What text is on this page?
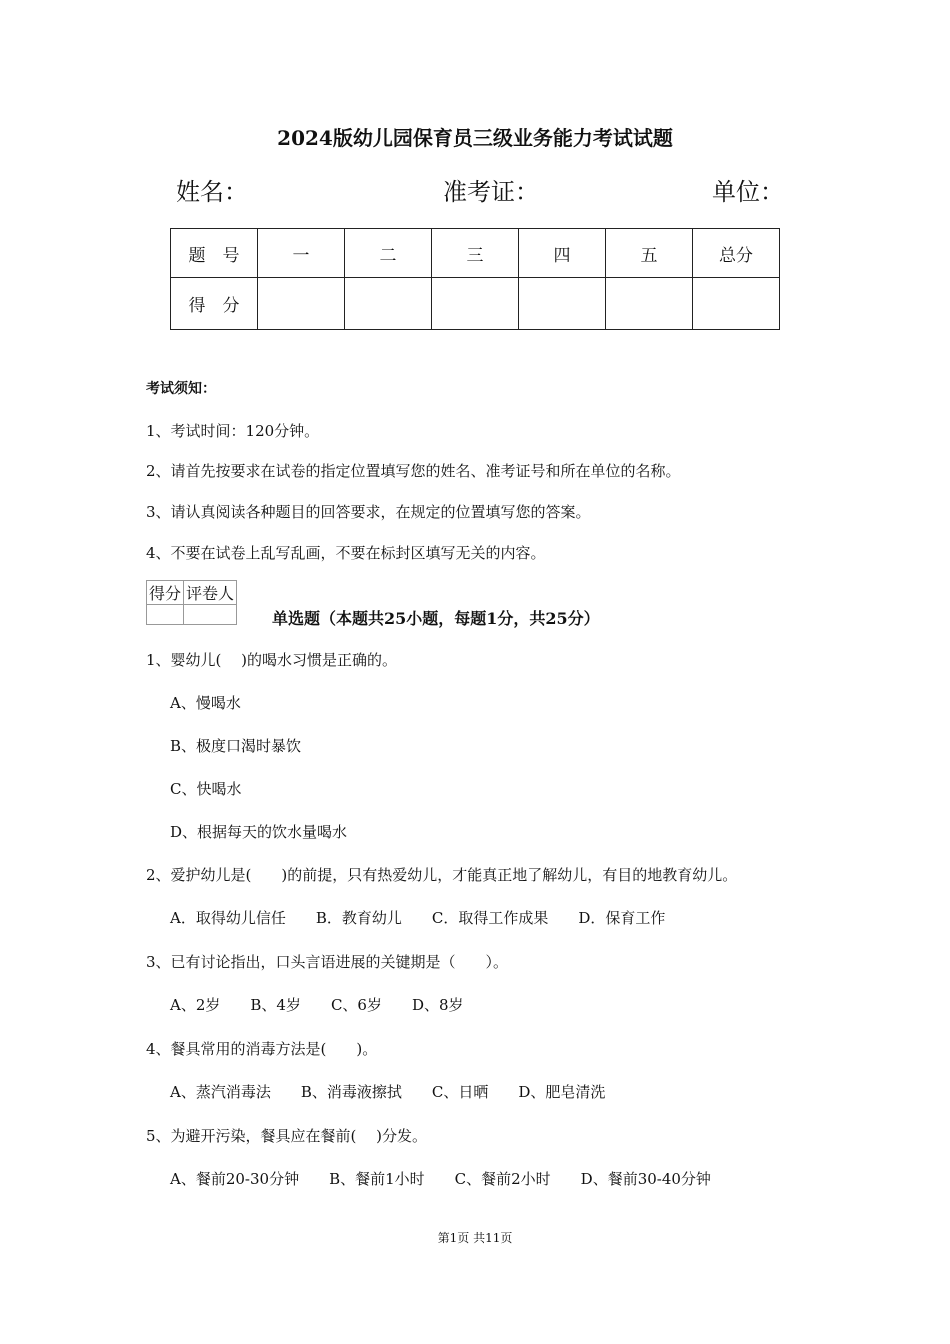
2024版幼儿园保育员三级业务能力考试试题
姓名：	准考证：	单位：
题　号	一	二	三	四	五	总分
得　分						
考试须知：
1、考试时间：120分钟。
2、请首先按要求在试卷的指定位置填写您的姓名、准考证号和所在单位的名称。
3、请认真阅读各种题目的回答要求，在规定的位置填写您的答案。
4、不要在试卷上乱写乱画，不要在标封区填写无关的内容。
得分	评卷人

单选题（本题共25小题，每题1分，共25分）
1、婴幼儿(　 )的喝水习惯是正确的。
A、慢喝水
B、极度口渴时暴饮
C、快喝水
D、根据每天的饮水量喝水
2、爱护幼儿是(　　)的前提，只有热爱幼儿，才能真正地了解幼儿，有目的地教育幼儿。
A．取得幼儿信任　　B．教育幼儿　　C．取得工作成果　　D．保育工作
3、已有讨论指出，口头言语进展的关键期是（　　）。
A、2岁　　B、4岁　　C、6岁　　D、8岁
4、餐具常用的消毒方法是(　　)。
A、蒸汽消毒法　　B、消毒液擦拭　　C、日晒　　D、肥皂清洗
5、为避开污染，餐具应在餐前(　 )分发。
A、餐前20-30分钟　　B、餐前1小时　　C、餐前2小时　　D、餐前30-40分钟
第1页 共11页
